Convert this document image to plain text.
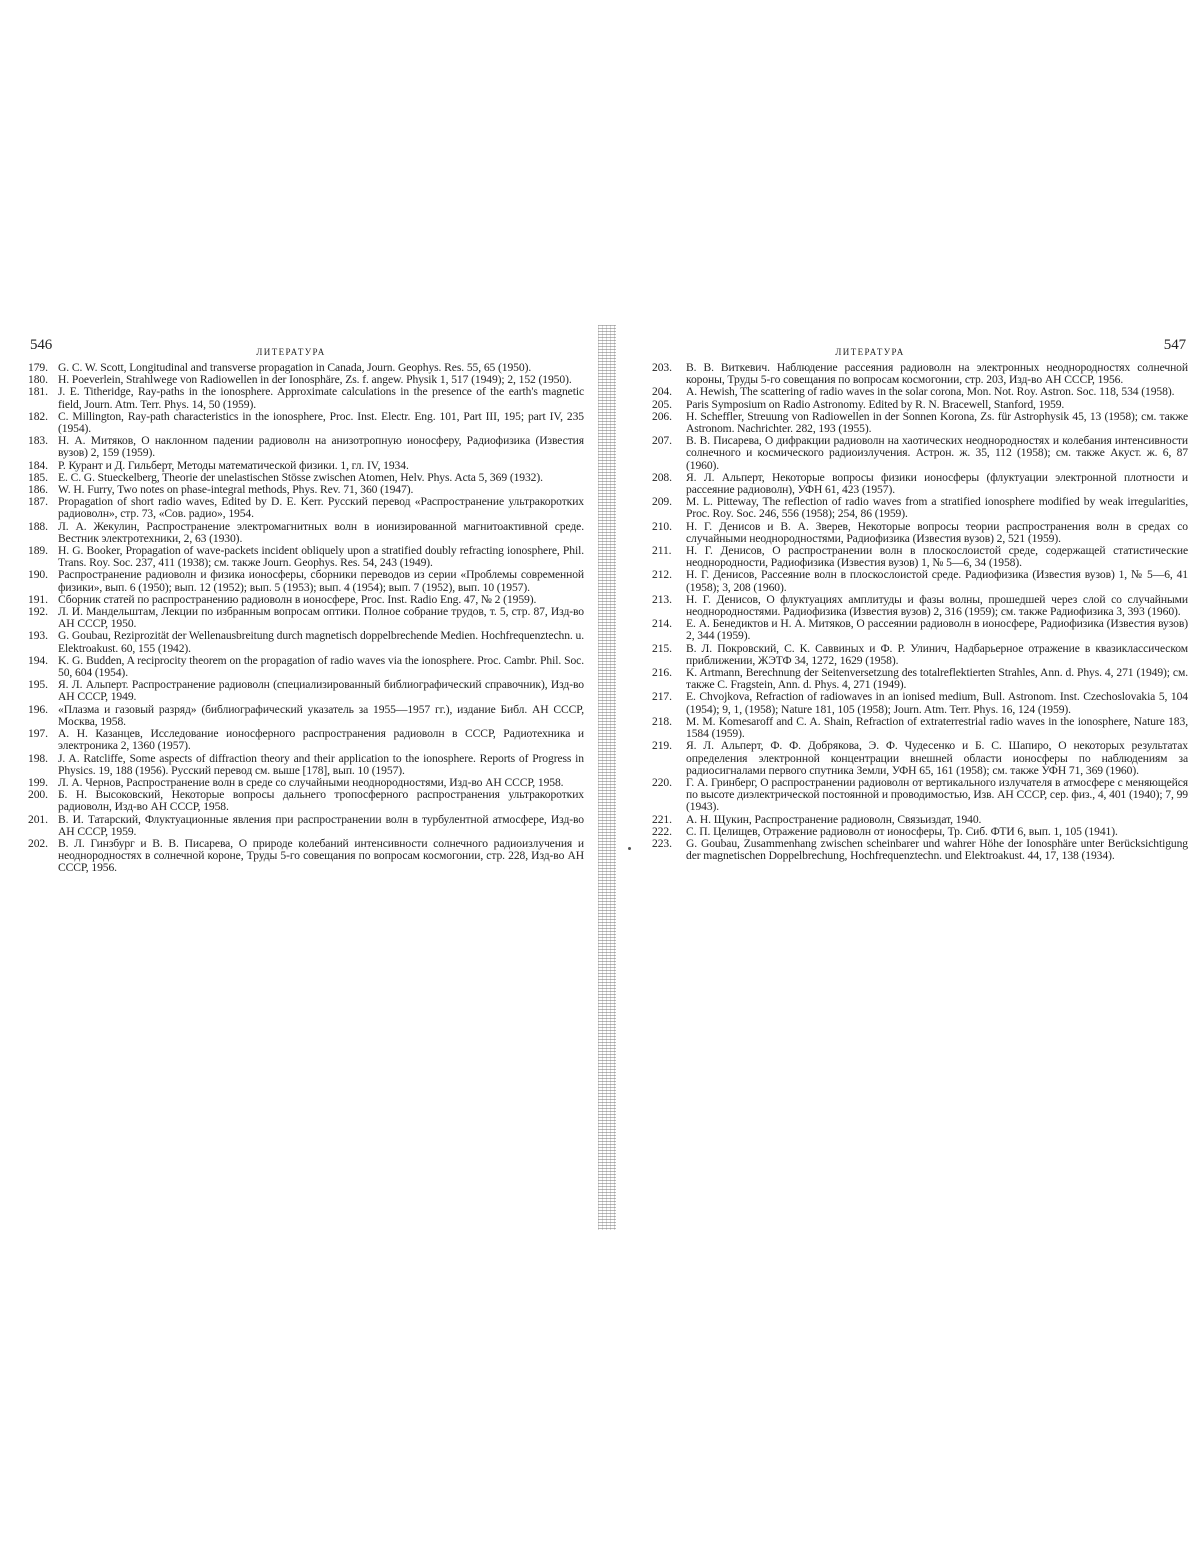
546	ЛИТЕРАТУРА
179. G. C. W. Scott, Longitudinal and transverse propagation in Canada, Journ. Geophys. Res. 55, 65 (1950).
180. H. Poeverlein, Strahlwege von Radiowellen in der Ionosphäre, Zs. f. angew. Physik 1, 517 (1949); 2, 152 (1950).
181. J. E. Titheridge, Ray-paths in the ionosphere. Approximate calculations in the presence of the earth's magnetic field, Journ. Atm. Terr. Phys. 14, 50 (1959).
182. C. Millington, Ray-path characteristics in the ionosphere, Proc. Inst. Electr. Eng. 101, Part III, 195; part IV, 235 (1954).
183. Н. А. Митяков, О наклонном падении радиоволн на анизотропную ионосферу, Радиофизика (Известия вузов) 2, 159 (1959).
184. Р. Курант и Д. Гильберт, Методы математической физики. 1, гл. IV, 1934.
185. E. C. G. Stueckelberg, Theorie der unelastischen Stösse zwischen Atomen, Helv. Phys. Acta 5, 369 (1932).
186. W. H. Furry, Two notes on phase-integral methods, Phys. Rev. 71, 360 (1947).
187. Propagation of short radio waves, Edited by D. E. Kerr. Русский перевод «Распространение ультракоротких радиоволн», стр. 73, «Сов. радио», 1954.
188. Л. А. Жекулин, Распространение электромагнитных волн в ионизированной магнитоактивной среде. Вестник электротехники, 2, 63 (1930).
189. H. G. Booker, Propagation of wave-packets incident obliquely upon a stratified doubly refracting ionosphere, Phil. Trans. Roy. Soc. 237, 411 (1938); см. также Journ. Geophys. Res. 54, 243 (1949).
190. Распространение радиоволн и физика ионосферы, сборники переводов из серии «Проблемы современной физики», вып. 6 (1950); вып. 12 (1952); вып. 5 (1953); вып. 4 (1954); вып. 7 (1952), вып. 10 (1957).
191. Сборник статей по распространению радиоволн в ионосфере, Proc. Inst. Radio Eng. 47, № 2 (1959).
192. Л. И. Мандельштам, Лекции по избранным вопросам оптики. Полное собрание трудов, т. 5, стр. 87, Изд-во АН СССР, 1950.
193. G. Goubau, Reziprozität der Wellenausbreitung durch magnetisch doppelbrechende Medien. Hochfrequenztechn. u. Elektroakust. 60, 155 (1942).
194. K. G. Budden, A reciprocity theorem on the propagation of radio waves via the ionosphere. Proc. Cambr. Phil. Soc. 50, 604 (1954).
195. Я. Л. Альперт. Распространение радиоволн (специализированный библиографический справочник), Изд-во АН СССР, 1949.
196. «Плазма и газовый разряд» (библиографический указатель за 1955—1957 гг.), издание Библ. АН СССР, Москва, 1958.
197. А. Н. Казанцев, Исследование ионосферного распространения радиоволн в СССР, Радиотехника и электроника 2, 1360 (1957).
198. J. A. Ratcliffe, Some aspects of diffraction theory and their application to the ionosphere. Reports of Progress in Physics. 19, 188 (1956). Русский перевод см. выше [178], вып. 10 (1957).
199. Л. А. Чернов, Распространение волн в среде со случайными неоднородностями, Изд-во АН СССР, 1958.
200. Б. Н. Высоковский, Некоторые вопросы дальнего тропосферного распространения ультракоротких радиоволн, Изд-во АН СССР, 1958.
201. В. И. Татарский, Флуктуационные явления при распространении волн в турбулентной атмосфере, Изд-во АН СССР, 1959.
202. В. Л. Гинзбург и В. В. Писарева, О природе колебаний интенсивности солнечного радиоизлучения и неоднородностях в солнечной короне, Труды 5-го совещания по вопросам космогонии, стр. 228, Изд-во АН СССР, 1956.
ЛИТЕРАТУРА	547
203. В. В. Виткевич. Наблюдение рассеяния радиоволн на электронных неоднородностях солнечной короны, Труды 5-го совещания по вопросам космогонии, стр. 203, Изд-во АН СССР, 1956.
204. A. Hewish, The scattering of radio waves in the solar corona, Mon. Not. Roy. Astron. Soc. 118, 534 (1958).
205. Paris Symposium on Radio Astronomy. Edited by R. N. Bracewell, Stanford, 1959.
206. H. Scheffler, Streuung von Radiowellen in der Sonnen Korona, Zs. für Astrophysik 45, 13 (1958); см. также Astronom. Nachrichter. 282, 193 (1955).
207. В. В. Писарева, О дифракции радиоволн на хаотических неоднородностях и колебания интенсивности солнечного и космического радиоизлучения. Астрон. ж. 35, 112 (1958); см. также Акуст. ж. 6, 87 (1960).
208. Я. Л. Альперт, Некоторые вопросы физики ионосферы (флуктуации электронной плотности и рассеяние радиоволн), УФН 61, 423 (1957).
209. M. L. Pitteway, The reflection of radio waves from a stratified ionosphere modified by weak irregularities, Proc. Roy. Soc. 246, 556 (1958); 254, 86 (1959).
210. Н. Г. Денисов и В. А. Зверев, Некоторые вопросы теории распространения волн в средах со случайными неоднородностями, Радиофизика (Известия вузов) 2, 521 (1959).
211. Н. Г. Денисов, О распространении волн в плоскослоистой среде, содержащей статистические неоднородности, Радиофизика (Известия вузов) 1, № 5—6, 34 (1958).
212. Н. Г. Денисов, Рассеяние волн в плоскослоистой среде. Радиофизика (Известия вузов) 1, № 5—6, 41 (1958); 3, 208 (1960).
213. Н. Г. Денисов, О флуктуациях амплитуды и фазы волны, прошедшей через слой со случайными неоднородностями. Радиофизика (Известия вузов) 2, 316 (1959); см. также Радиофизика 3, 393 (1960).
214. Е. А. Бенедиктов и Н. А. Митяков, О рассеянии радиоволн в ионосфере, Радиофизика (Известия вузов) 2, 344 (1959).
215. В. Л. Покровский, С. К. Саввиных и Ф. Р. Улинич, Надбарьерное отражение в квазиклассическом приближении, ЖЭТФ 34, 1272, 1629 (1958).
216. K. Artmann, Berechnung der Seitenversetzung des totalreflektierten Strahles, Ann. d. Phys. 4, 271 (1949); см. также C. Fragstein, Ann. d. Phys. 4, 271 (1949).
217. E. Chvojkova, Refraction of radiowaves in an ionised medium, Bull. Astronom. Inst. Czechoslovakia 5, 104 (1954); 9, 1, (1958); Nature 181, 105 (1958); Journ. Atm. Terr. Phys. 16, 124 (1959).
218. M. M. Komesaroff and C. A. Shain, Refraction of extraterrestrial radio waves in the ionosphere, Nature 183, 1584 (1959).
219. Я. Л. Альперт, Ф. Ф. Добрякова, Э. Ф. Чудесенко и Б. С. Шапиро, О некоторых результатах определения электронной концентрации внешней области ионосферы по наблюдениям за радиосигналами первого спутника Земли, УФН 65, 161 (1958); см. также УФН 71, 369 (1960).
220. Г. А. Гринберг, О распространении радиоволн от вертикального излучателя в атмосфере с меняющейся по высоте диэлектрической постоянной и проводимостью, Изв. АН СССР, сер. физ., 4, 401 (1940); 7, 99 (1943).
221. А. Н. Щукин, Распространение радиоволн, Связьиздат, 1940.
222. С. П. Целищев, Отражение радиоволн от ионосферы, Тр. Сиб. ФТИ 6, вып. 1, 105 (1941).
223. G. Goubau, Zusammenhang zwischen scheinbarer und wahrer Höhe der Ionosphäre unter Berücksichtigung der magnetischen Doppelbrechung, Hochfrequenztechn. und Elektroakust. 44, 17, 138 (1934).
